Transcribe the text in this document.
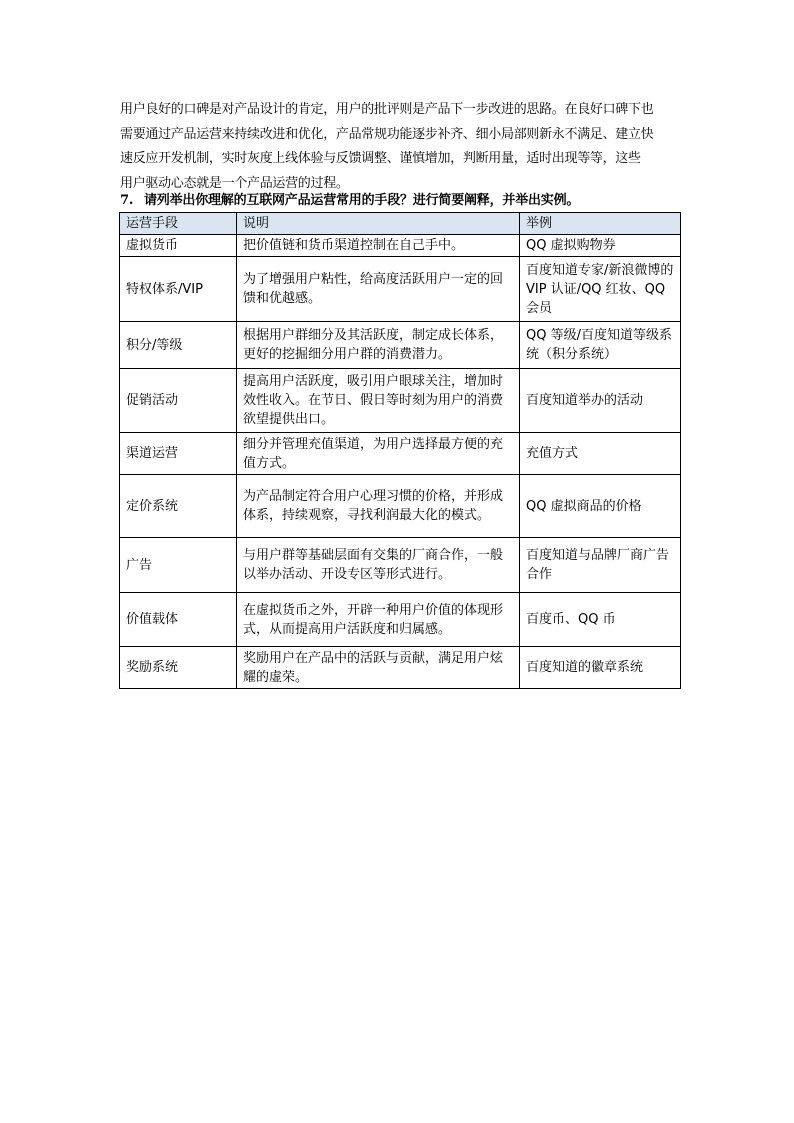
用户良好的口碑是对产品设计的肯定，用户的批评则是产品下一步改进的思路。在良好口碑下也
需要通过产品运营来持续改进和优化，产品常规功能逐步补齐、细小局部则新永不满足、建立快
速反应开发机制，实时灰度上线体验与反馈调整、谨慎增加，判断用量，适时出现等等，这些
用户驱动心态就是一个产品运营的过程。
7. 请列举出你理解的互联网产品运营常用的手段？进行简要阐释，并举出实例。
运营手段	说明	举例
虚拟货币	把价值链和货币渠道控制在自己手中。	QQ 虚拟购物券
特权体系/VIP	为了增强用户粘性，给高度活跃用户一定的回馈和优越感。	百度知道专家/新浪微博的VIP 认证/QQ 红妆、QQ 会员
积分/等级	根据用户群细分及其活跃度，制定成长体系，更好的挖掘细分用户群的消费潜力。	QQ 等级/百度知道等级系统（积分系统）
促销活动	提高用户活跃度，吸引用户眼球关注，增加时效性收入。在节日、假日等时刻为用户的消费欲望提供出口。	百度知道举办的活动
渠道运营	细分并管理充值渠道，为用户选择最方便的充值方式。	充值方式
定价系统	为产品制定符合用户心理习惯的价格，并形成体系，持续观察，寻找利润最大化的模式。	QQ 虚拟商品的价格
广告	与用户群等基础层面有交集的厂商合作，一般以举办活动、开设专区等形式进行。	百度知道与品牌厂商广告合作
价值载体	在虚拟货币之外，开辟一种用户价值的体现形式，从而提高用户活跃度和归属感。	百度币、QQ 币
奖励系统	奖励用户在产品中的活跃与贡献，满足用户炫耀的虚荣。	百度知道的徽章系统
